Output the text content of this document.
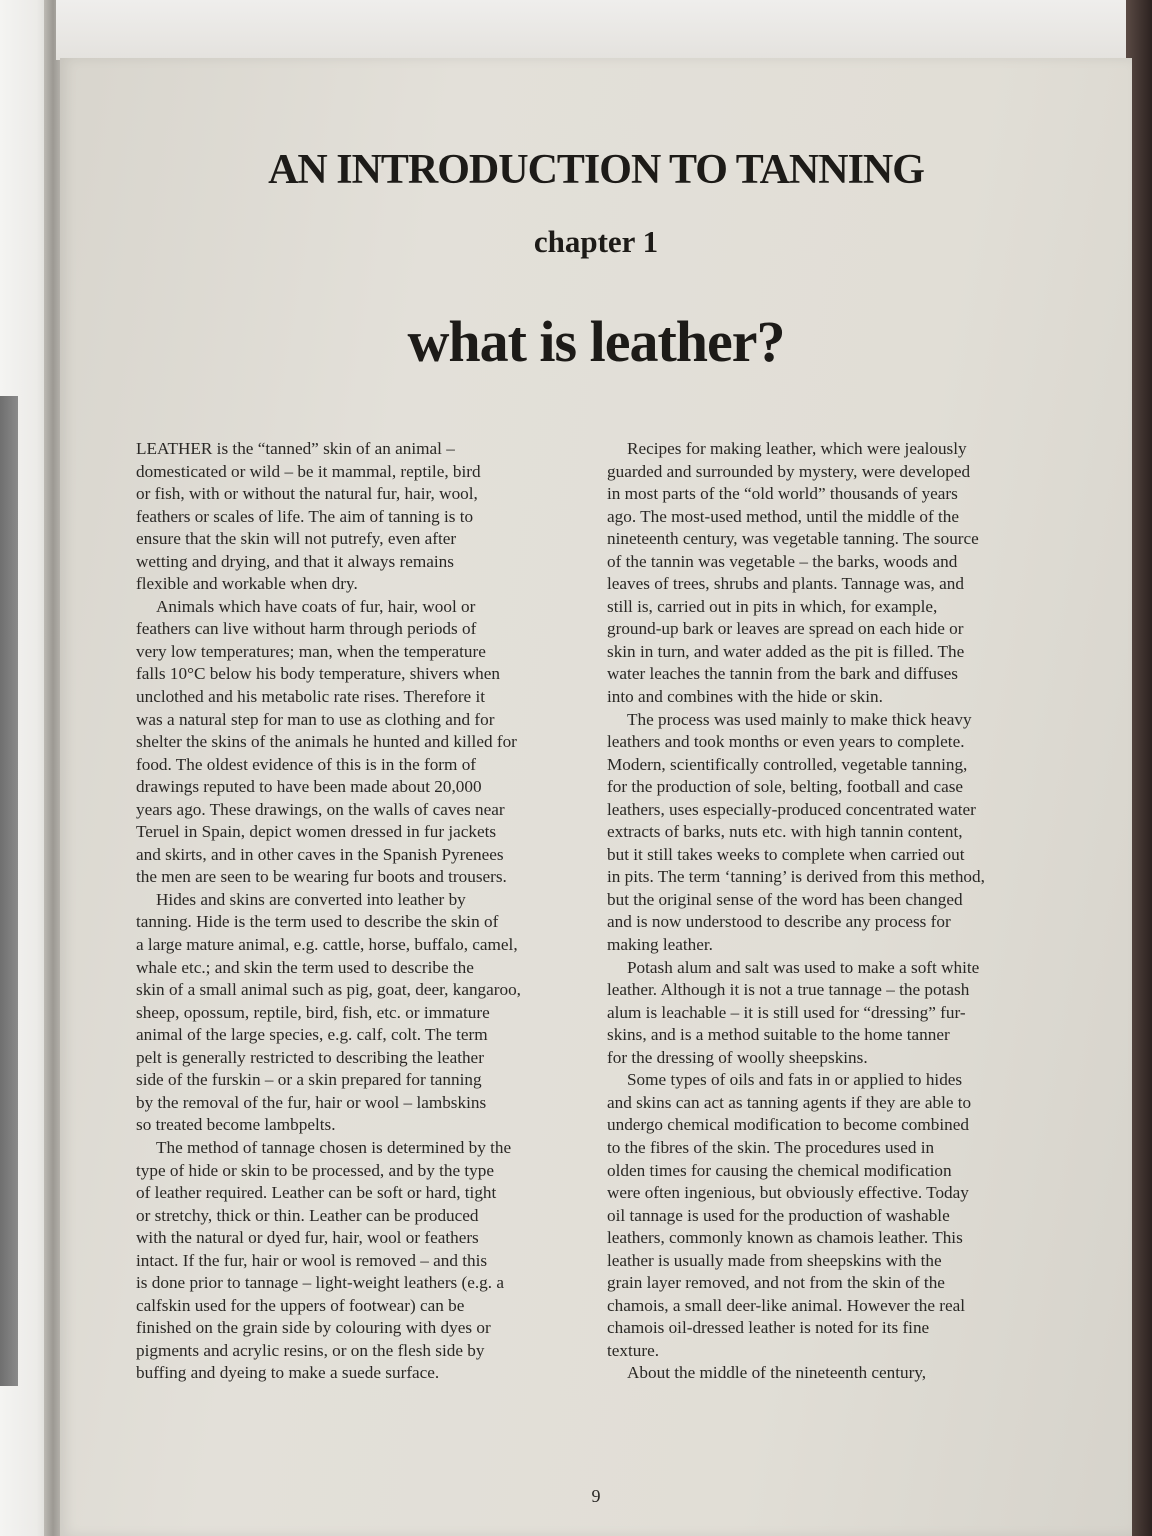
AN INTRODUCTION TO TANNING
chapter 1
what is leather?
LEATHER is the “tanned” skin of an animal –
domesticated or wild – be it mammal, reptile, bird
or fish, with or without the natural fur, hair, wool,
feathers or scales of life. The aim of tanning is to
ensure that the skin will not putrefy, even after
wetting and drying, and that it always remains
flexible and workable when dry.
Animals which have coats of fur, hair, wool or
feathers can live without harm through periods of
very low temperatures; man, when the temperature
falls 10°C below his body temperature, shivers when
unclothed and his metabolic rate rises. Therefore it
was a natural step for man to use as clothing and for
shelter the skins of the animals he hunted and killed for
food. The oldest evidence of this is in the form of
drawings reputed to have been made about 20,000
years ago. These drawings, on the walls of caves near
Teruel in Spain, depict women dressed in fur jackets
and skirts, and in other caves in the Spanish Pyrenees
the men are seen to be wearing fur boots and trousers.
Hides and skins are converted into leather by
tanning. Hide is the term used to describe the skin of
a large mature animal, e.g. cattle, horse, buffalo, camel,
whale etc.; and skin the term used to describe the
skin of a small animal such as pig, goat, deer, kangaroo,
sheep, opossum, reptile, bird, fish, etc. or immature
animal of the large species, e.g. calf, colt. The term
pelt is generally restricted to describing the leather
side of the furskin – or a skin prepared for tanning
by the removal of the fur, hair or wool – lambskins
so treated become lambpelts.
The method of tannage chosen is determined by the
type of hide or skin to be processed, and by the type
of leather required. Leather can be soft or hard, tight
or stretchy, thick or thin. Leather can be produced
with the natural or dyed fur, hair, wool or feathers
intact. If the fur, hair or wool is removed – and this
is done prior to tannage – light-weight leathers (e.g. a
calfskin used for the uppers of footwear) can be
finished on the grain side by colouring with dyes or
pigments and acrylic resins, or on the flesh side by
buffing and dyeing to make a suede surface.
Recipes for making leather, which were jealously
guarded and surrounded by mystery, were developed
in most parts of the “old world” thousands of years
ago. The most-used method, until the middle of the
nineteenth century, was vegetable tanning. The source
of the tannin was vegetable – the barks, woods and
leaves of trees, shrubs and plants. Tannage was, and
still is, carried out in pits in which, for example,
ground-up bark or leaves are spread on each hide or
skin in turn, and water added as the pit is filled. The
water leaches the tannin from the bark and diffuses
into and combines with the hide or skin.
The process was used mainly to make thick heavy
leathers and took months or even years to complete.
Modern, scientifically controlled, vegetable tanning,
for the production of sole, belting, football and case
leathers, uses especially-produced concentrated water
extracts of barks, nuts etc. with high tannin content,
but it still takes weeks to complete when carried out
in pits. The term ‘tanning’ is derived from this method,
but the original sense of the word has been changed
and is now understood to describe any process for
making leather.
Potash alum and salt was used to make a soft white
leather. Although it is not a true tannage – the potash
alum is leachable – it is still used for “dressing” fur-
skins, and is a method suitable to the home tanner
for the dressing of woolly sheepskins.
Some types of oils and fats in or applied to hides
and skins can act as tanning agents if they are able to
undergo chemical modification to become combined
to the fibres of the skin. The procedures used in
olden times for causing the chemical modification
were often ingenious, but obviously effective. Today
oil tannage is used for the production of washable
leathers, commonly known as chamois leather. This
leather is usually made from sheepskins with the
grain layer removed, and not from the skin of the
chamois, a small deer-like animal. However the real
chamois oil-dressed leather is noted for its fine
texture.
About the middle of the nineteenth century,
9
